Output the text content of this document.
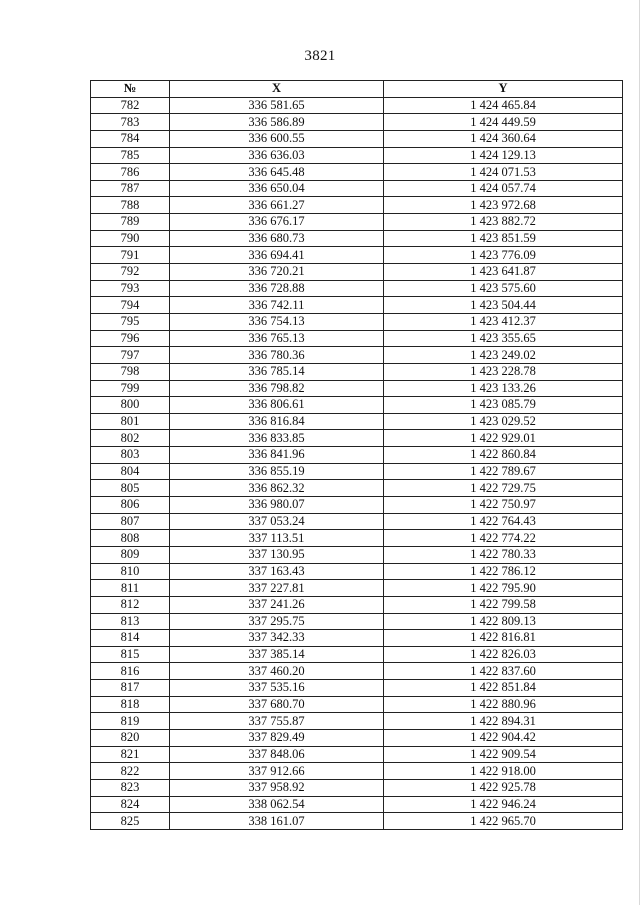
3821
№	X	Y
782	336 581.65	1 424 465.84
783	336 586.89	1 424 449.59
784	336 600.55	1 424 360.64
785	336 636.03	1 424 129.13
786	336 645.48	1 424 071.53
787	336 650.04	1 424 057.74
788	336 661.27	1 423 972.68
789	336 676.17	1 423 882.72
790	336 680.73	1 423 851.59
791	336 694.41	1 423 776.09
792	336 720.21	1 423 641.87
793	336 728.88	1 423 575.60
794	336 742.11	1 423 504.44
795	336 754.13	1 423 412.37
796	336 765.13	1 423 355.65
797	336 780.36	1 423 249.02
798	336 785.14	1 423 228.78
799	336 798.82	1 423 133.26
800	336 806.61	1 423 085.79
801	336 816.84	1 423 029.52
802	336 833.85	1 422 929.01
803	336 841.96	1 422 860.84
804	336 855.19	1 422 789.67
805	336 862.32	1 422 729.75
806	336 980.07	1 422 750.97
807	337 053.24	1 422 764.43
808	337 113.51	1 422 774.22
809	337 130.95	1 422 780.33
810	337 163.43	1 422 786.12
811	337 227.81	1 422 795.90
812	337 241.26	1 422 799.58
813	337 295.75	1 422 809.13
814	337 342.33	1 422 816.81
815	337 385.14	1 422 826.03
816	337 460.20	1 422 837.60
817	337 535.16	1 422 851.84
818	337 680.70	1 422 880.96
819	337 755.87	1 422 894.31
820	337 829.49	1 422 904.42
821	337 848.06	1 422 909.54
822	337 912.66	1 422 918.00
823	337 958.92	1 422 925.78
824	338 062.54	1 422 946.24
825	338 161.07	1 422 965.70
